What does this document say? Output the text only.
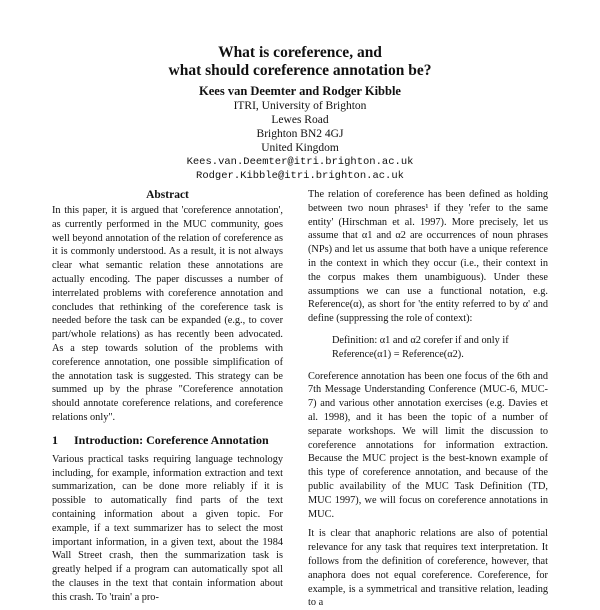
What is coreference, and
what should coreference annotation be?
Kees van Deemter and Rodger Kibble
ITRI, University of Brighton
Lewes Road
Brighton BN2 4GJ
United Kingdom
Kees.van.Deemter@itri.brighton.ac.uk
Rodger.Kibble@itri.brighton.ac.uk
Abstract

In this paper, it is argued that 'coreference annotation', as currently performed in the MUC community, goes well beyond annotation of the relation of coreference as it is commonly understood. As a result, it is not always clear what semantic relation these annotations are actually encoding. The paper discusses a number of interrelated problems with coreference annotation and concludes that rethinking of the coreference task is needed before the task can be expanded (e.g., to cover part/whole relations) as has recently been advocated. As a step towards solution of the problems with coreference annotation, one possible simplification of the annotation task is suggested. This strategy can be summed up by the phrase "Coreference annotation should annotate coreference relations, and coreference relations only".

1	Introduction: Coreference Annotation

Various practical tasks requiring language technology including, for example, information extraction and text summarization, can be done more reliably if it is possible to automatically find parts of the text containing information about a given topic. For example, if a text summarizer has to select the most important information, in a given text, about the 1984 Wall Street crash, then the summarization task is greatly helped if a program can automatically spot all the clauses in the text that contain information about this crash. To 'train' a pro-

The relation of coreference has been defined as holding between two noun phrases¹ if they 'refer to the same entity' (Hirschman et al. 1997). More precisely, let us assume that α1 and α2 are occurrences of noun phrases (NPs) and let us assume that both have a unique reference in the context in which they occur (i.e., their context in the corpus makes them unambiguous). Under these assumptions we can use a functional notation, e.g. Reference(α), as short for 'the entity referred to by α' and define (suppressing the role of context):

Definition: α1 and α2 corefer if and only if Reference(α1) = Reference(α2).

Coreference annotation has been one focus of the 6th and 7th Message Understanding Conference (MUC-6, MUC-7) and various other annotation exercises (e.g. Davies et al. 1998), and it has been the topic of a number of separate workshops. We will limit the discussion to coreference annotations for information extraction. Because the MUC project is the best-known example of this type of coreference annotation, and because of the public availability of the MUC Task Definition (TD, MUC 1997), we will focus on coreference annotations in MUC.

It is clear that anaphoric relations are also of potential relevance for any task that requires text interpretation. It follows from the definition of coreference, however, that anaphora does not equal coreference. Coreference, for example, is a symmetrical and transitive relation, leading to a
